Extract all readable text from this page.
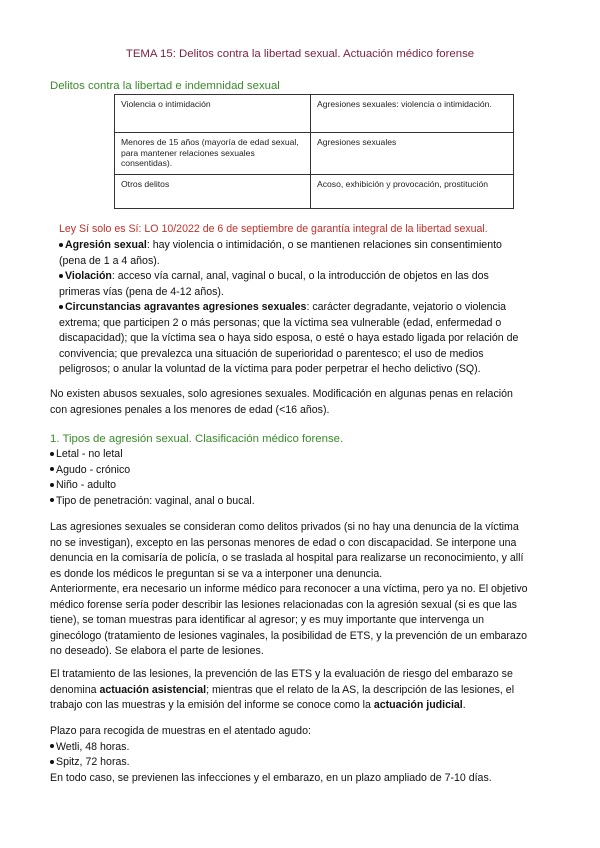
TEMA 15: Delitos contra la libertad sexual. Actuación médico forense
Delitos contra la libertad e indemnidad sexual
Violencia o intimidación	Agresiones sexuales: violencia o intimidación.
Menores de 15 años (mayoría de edad sexual, para mantener relaciones sexuales consentidas).	Agresiones sexuales
Otros delitos	Acoso, exhibición y provocación, prostitución
Ley Sí solo es Sí: LO 10/2022 de 6 de septiembre de garantía integral de la libertad sexual.
Agresión sexual: hay violencia o intimidación, o se mantienen relaciones sin consentimiento
(pena de 1 a 4 años).
Violación: acceso vía carnal, anal, vaginal o bucal, o la introducción de objetos en las dos
primeras vías (pena de 4-12 años).
Circunstancias agravantes agresiones sexuales: carácter degradante, vejatorio o violencia
extrema; que participen 2 o más personas; que la víctima sea vulnerable (edad, enfermedad o
discapacidad); que la víctima sea o haya sido esposa, o esté o haya estado ligada por relación de
convivencia; que prevalezca una situación de superioridad o parentesco; el uso de medios
peligrosos; o anular la voluntad de la víctima para poder perpetrar el hecho delictivo (SQ).
No existen abusos sexuales, solo agresiones sexuales. Modificación en algunas penas en relación
con agresiones penales a los menores de edad (<16 años).
1. Tipos de agresión sexual. Clasificación médico forense.
Letal - no letal
Agudo - crónico
Niño - adulto
Tipo de penetración: vaginal, anal o bucal.
Las agresiones sexuales se consideran como delitos privados (si no hay una denuncia de la víctima
no se investigan), excepto en las personas menores de edad o con discapacidad. Se interpone una
denuncia en la comisaría de policía, o se traslada al hospital para realizarse un reconocimiento, y allí
es donde los médicos le preguntan si se va a interponer una denuncia.
Anteriormente, era necesario un informe médico para reconocer a una víctima, pero ya no. El objetivo
médico forense sería poder describir las lesiones relacionadas con la agresión sexual (si es que las
tiene), se toman muestras para identificar al agresor; y es muy importante que intervenga un
ginecólogo (tratamiento de lesiones vaginales, la posibilidad de ETS, y la prevención de un embarazo
no deseado). Se elabora el parte de lesiones.
El tratamiento de las lesiones, la prevención de las ETS y la evaluación de riesgo del embarazo se
denomina actuación asistencial; mientras que el relato de la AS, la descripción de las lesiones, el
trabajo con las muestras y la emisión del informe se conoce como la actuación judicial.
Plazo para recogida de muestras en el atentado agudo:
Wetli, 48 horas.
Spitz, 72 horas.
En todo caso, se previenen las infecciones y el embarazo, en un plazo ampliado de 7-10 días.
